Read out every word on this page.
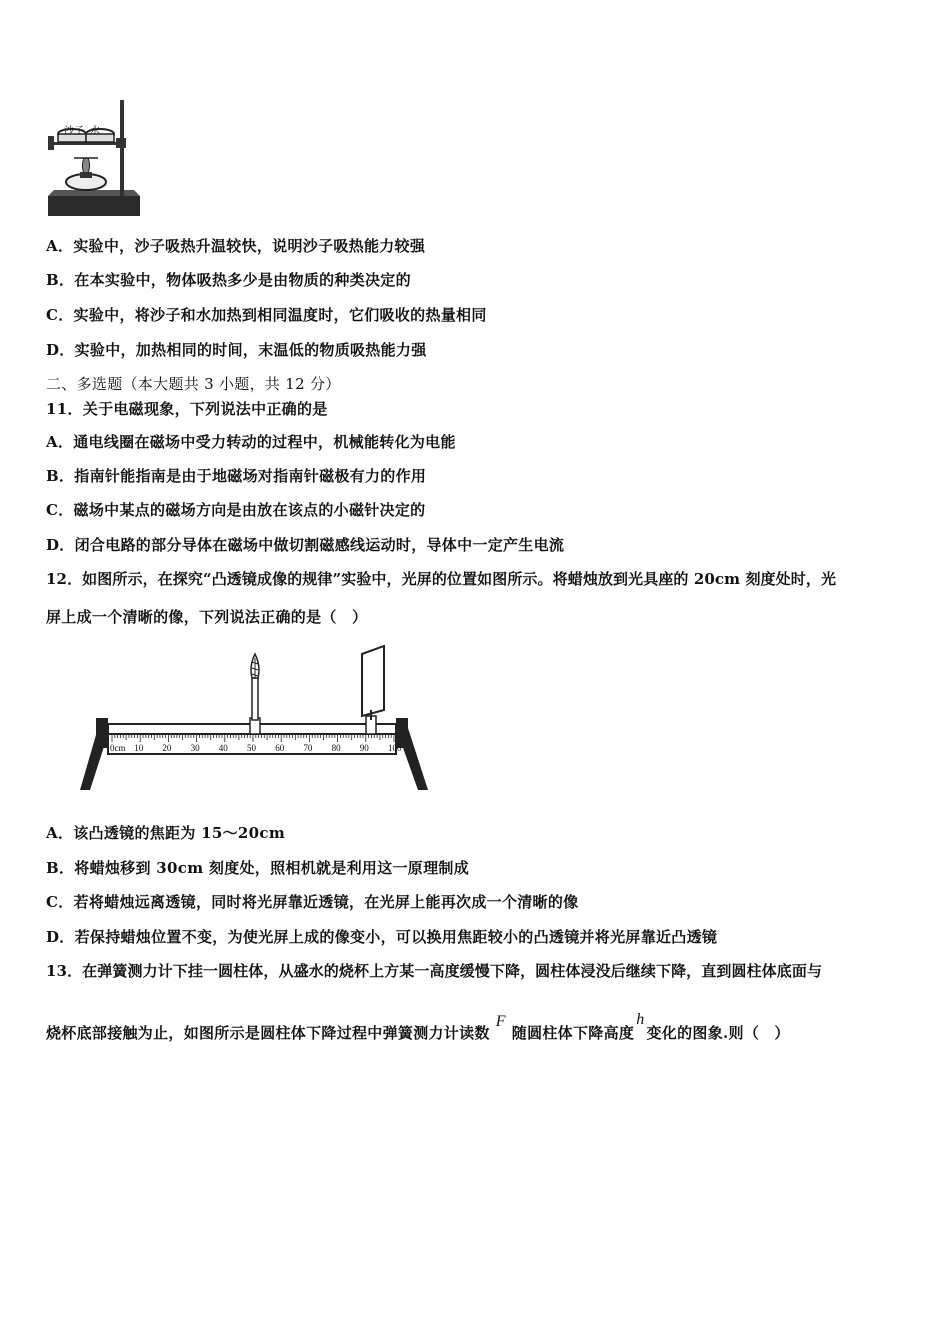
沙子 水
A．实验中，沙子吸热升温较快，说明沙子吸热能力较强
B．在本实验中，物体吸热多少是由物质的种类决定的
C．实验中，将沙子和水加热到相同温度时，它们吸收的热量相同
D．实验中，加热相同的时间，末温低的物质吸热能力强
二、多选题（本大题共 3 小题，共 12 分）
11．关于电磁现象，下列说法中正确的是
A．通电线圈在磁场中受力转动的过程中，机械能转化为电能
B．指南针能指南是由于地磁场对指南针磁极有力的作用
C．磁场中某点的磁场方向是由放在该点的小磁针决定的
D．闭合电路的部分导体在磁场中做切割磁感线运动时，导体中一定产生电流
12．如图所示，在探究“凸透镜成像的规律”实验中，光屏的位置如图所示。将蜡烛放到光具座的 20cm 刻度处时，光
屏上成一个清晰的像，下列说法正确的是（　）
0cm 10 20 30 40 50 60 70 80 90 100
A．该凸透镜的焦距为 15～20cm
B．将蜡烛移到 30cm 刻度处，照相机就是利用这一原理制成
C．若将蜡烛远离透镜，同时将光屏靠近透镜，在光屏上能再次成一个清晰的像
D．若保持蜡烛位置不变，为使光屏上成的像变小，可以换用焦距较小的凸透镜并将光屏靠近凸透镜
13．在弹簧测力计下挂一圆柱体，从盛水的烧杯上方某一高度缓慢下降，圆柱体浸没后继续下降，直到圆柱体底面与
烧杯底部接触为止，如图所示是圆柱体下降过程中弹簧测力计读数F随圆柱体下降高度h变化的图象.则（　）
